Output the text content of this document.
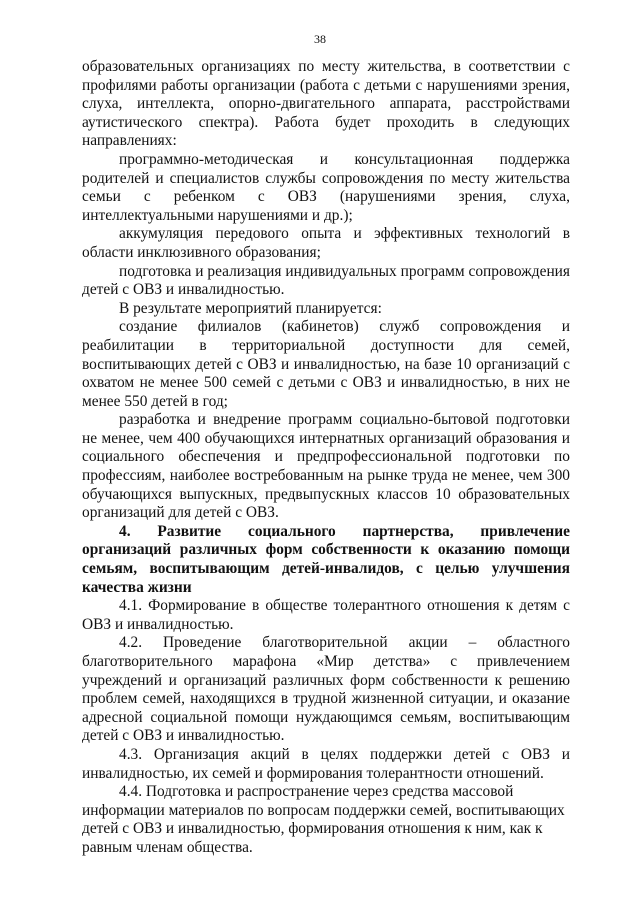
38

образовательных организациях по месту жительства, в соответствии с профилями работы организации (работа с детьми с нарушениями зрения, слуха, интеллекта, опорно-двигательного аппарата, расстройствами аутистического спектра). Работа будет проходить в следующих направлениях:

программно-методическая и консультационная поддержка родителей и специалистов службы сопровождения по месту жительства семьи с ребенком с ОВЗ (нарушениями зрения, слуха, интеллектуальными нарушениями и др.);

аккумуляция передового опыта и эффективных технологий в области инклюзивного образования;

подготовка и реализация индивидуальных программ сопровождения детей с ОВЗ и инвалидностью.

В результате мероприятий планируется:

создание филиалов (кабинетов) служб сопровождения и реабилитации в территориальной доступности для семей, воспитывающих детей с ОВЗ и инвалидностью, на базе 10 организаций с охватом не менее 500 семей с детьми с ОВЗ и инвалидностью, в них не менее 550 детей в год;

разработка и внедрение программ социально-бытовой подготовки не менее, чем 400 обучающихся интернатных организаций образования и социального обеспечения и предпрофессиональной подготовки по профессиям, наиболее востребованным на рынке труда не менее, чем 300 обучающихся выпускных, предвыпускных классов 10 образовательных организаций для детей с ОВЗ.

4. Развитие социального партнерства, привлечение организаций различных форм собственности к оказанию помощи семьям, воспитывающим детей-инвалидов, с целью улучшения качества жизни

4.1. Формирование в обществе толерантного отношения к детям с ОВЗ и инвалидностью.

4.2. Проведение благотворительной акции – областного благотворительного марафона «Мир детства» с привлечением учреждений и организаций различных форм собственности к решению проблем семей, находящихся в трудной жизненной ситуации, и оказание адресной социальной помощи нуждающимся семьям, воспитывающим детей с ОВЗ и инвалидностью.

4.3. Организация акций в целях поддержки детей с ОВЗ и инвалидностью, их семей и формирования толерантности отношений.

4.4. Подготовка и распространение через средства массовой информации материалов по вопросам поддержки семей, воспитывающих детей с ОВЗ и инвалидностью, формирования отношения к ним, как к равным членам общества.
